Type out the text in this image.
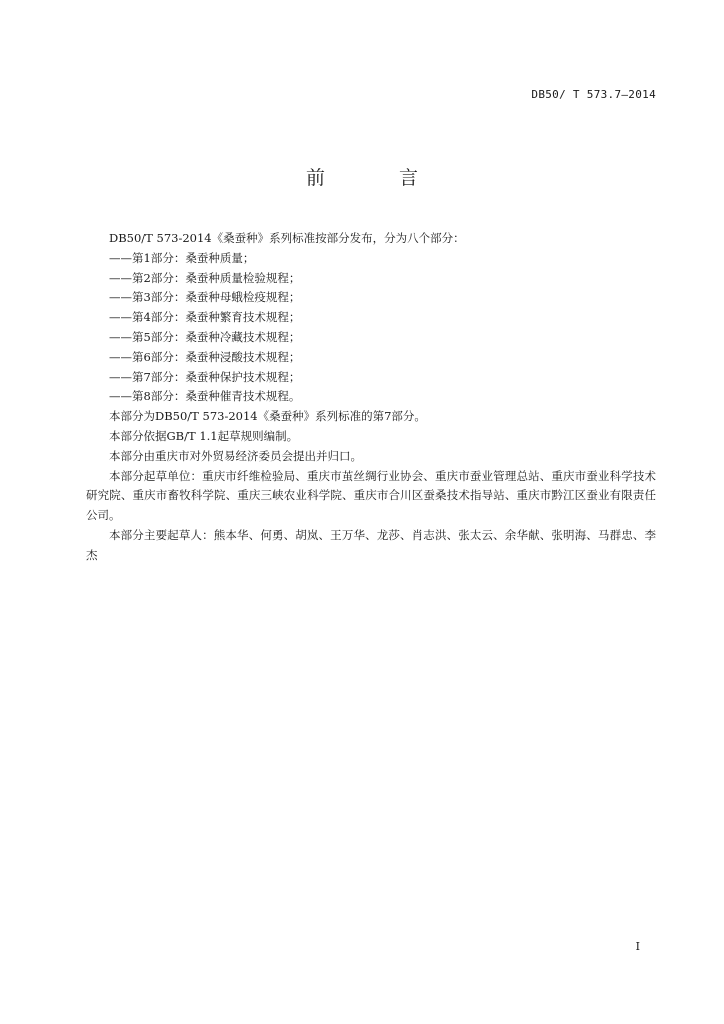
DB50/ T 573.7—2014
前 言

DB50/T 573-2014《桑蚕种》系列标准按部分发布，分为八个部分：

——第1部分：桑蚕种质量；

——第2部分：桑蚕种质量检验规程；

——第3部分：桑蚕种母蛾检疫规程；

——第4部分：桑蚕种繁育技术规程；

——第5部分：桑蚕种冷藏技术规程；

——第6部分：桑蚕种浸酸技术规程；

——第7部分：桑蚕种保护技术规程；

——第8部分：桑蚕种催青技术规程。

本部分为DB50/T 573-2014《桑蚕种》系列标准的第7部分。

本部分依据GB/T 1.1起草规则编制。

本部分由重庆市对外贸易经济委员会提出并归口。

本部分起草单位：重庆市纤维检验局、重庆市茧丝绸行业协会、重庆市蚕业管理总站、重庆市蚕业科学技术研究院、重庆市畜牧科学院、重庆三峡农业科学院、重庆市合川区蚕桑技术指导站、重庆市黔江区蚕业有限责任公司。

本部分主要起草人：熊本华、何勇、胡岚、王万华、龙莎、肖志洪、张太云、余华献、张明海、马群忠、李杰

I
